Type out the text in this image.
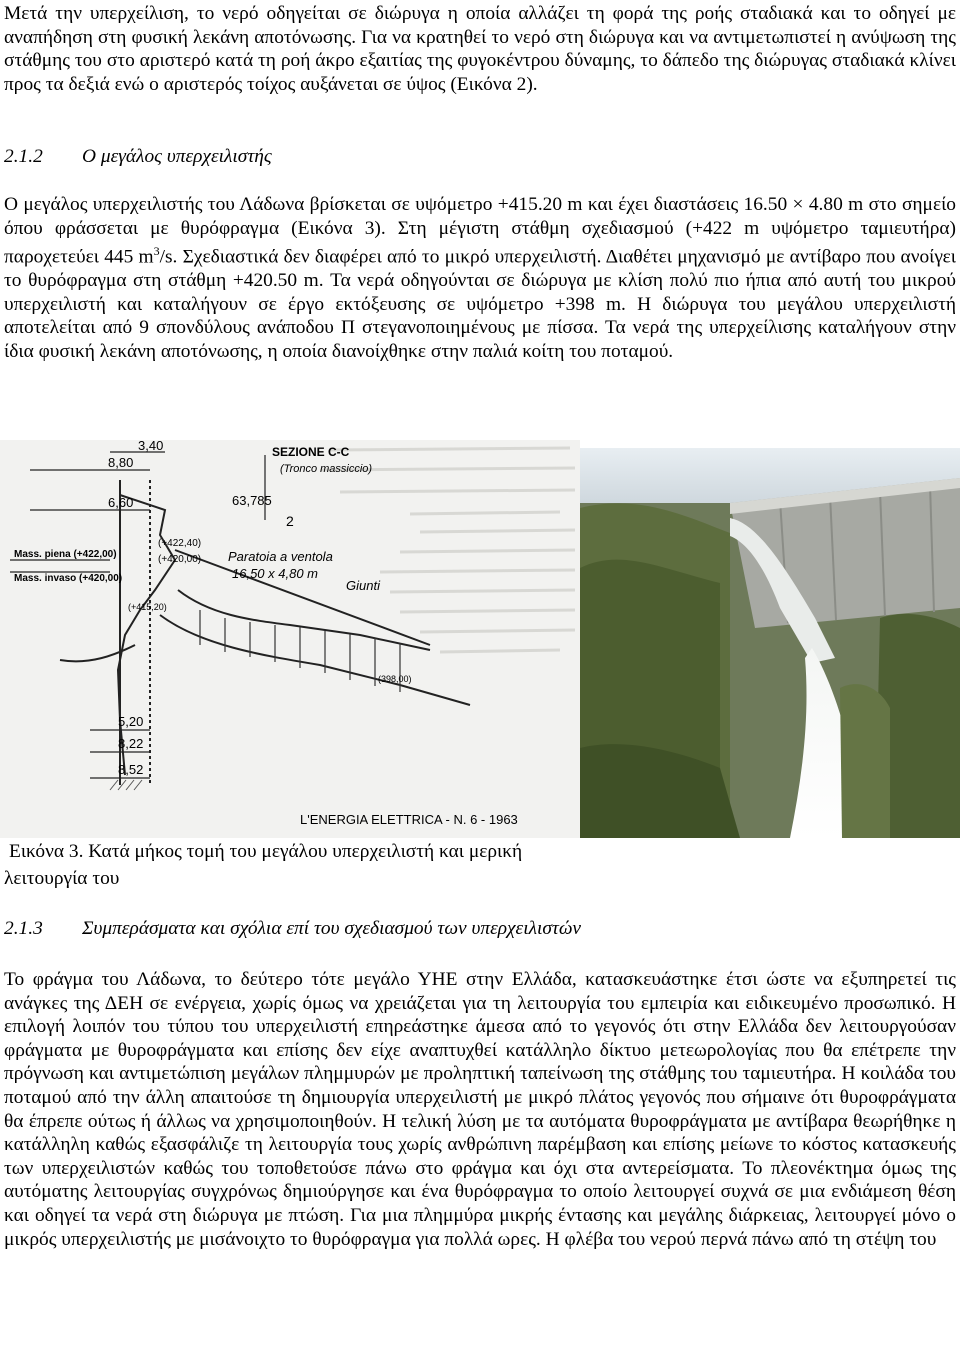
Μετά την υπερχείλιση, το νερό οδηγείται σε διώρυγα η οποία αλλάζει τη φορά της ροής σταδιακά και το οδηγεί με αναπήδηση στη φυσική λεκάνη αποτόνωσης. Για να κρατηθεί το νερό στη διώρυγα και να αντιμετωπιστεί η ανύψωση της στάθμης του στο αριστερό κατά τη ροή άκρο εξαιτίας της φυγοκέντρου δύναμης, το δάπεδο της διώρυγας σταδιακά κλίνει προς τα δεξιά ενώ ο αριστερός τοίχος αυξάνεται σε ύψος (Εικόνα 2).

2.1.2 Ο μεγάλος υπερχειλιστής

Ο μεγάλος υπερχειλιστής του Λάδωνα βρίσκεται σε υψόμετρο +415.20 m και έχει διαστάσεις 16.50 × 4.80 m στο σημείο όπου φράσσεται με θυρόφραγμα (Εικόνα 3). Στη μέγιστη στάθμη σχεδιασμού (+422 m υψόμετρο ταμιευτήρα) παροχετεύει 445 $m^3/s$. Σχεδιαστικά δεν διαφέρει από το μικρό υπερχειλιστή. Διαθέτει μηχανισμό με αντίβαρο που ανοίγει το θυρόφραγμα στη στάθμη +420.50 m. Τα νερά οδηγούνται σε διώρυγα με κλίση πολύ πιο ήπια από αυτή του μικρού υπερχειλιστή και καταλήγουν σε έργο εκτόξευσης σε υψόμετρο +398 m. Η διώρυγα του μεγάλου υπερχειλιστή αποτελείται από 9 σπονδύλους ανάποδου Π στεγανοποιημένους με πίσσα. Τα νερά της υπερχείλισης καταλήγουν στην ίδια φυσική λεκάνη αποτόνωσης, η οποία διανοίχθηκε στην παλιά κοίτη του ποταμού.

3,40
8,80
6,60
SEZIONE C-C
(Tronco massiccio)
63,785
2
Mass. piena (+422,00)
Mass. invaso (+420,00)
(+422,40)
(+420,00)
(+415,20)
Paratoia a ventola
16,50 x 4,80 m
Giunti
5,20
8,22
8,52
(398,00)
L'ENERGIA ELETTRICA - N. 6 - 1963

Εικόνα 3. Κατά μήκος τομή του μεγάλου υπερχειλιστή και μερική
λειτουργία του

2.1.3 Συμπεράσματα και σχόλια επί του σχεδιασμού των υπερχειλιστών

Το φράγμα του Λάδωνα, το δεύτερο τότε μεγάλο ΥΗΕ στην Ελλάδα, κατασκευάστηκε έτσι ώστε να εξυπηρετεί τις ανάγκες της ΔΕΗ σε ενέργεια, χωρίς όμως να χρειάζεται για τη λειτουργία του εμπειρία και ειδικευμένο προσωπικό. Η επιλογή λοιπόν του τύπου του υπερχειλιστή επηρεάστηκε άμεσα από το γεγονός ότι στην Ελλάδα δεν λειτουργούσαν φράγματα με θυροφράγματα και επίσης δεν είχε αναπτυχθεί κατάλληλο δίκτυο μετεωρολογίας που θα επέτρεπε την πρόγνωση και αντιμετώπιση μεγάλων πλημμυρών με προληπτική ταπείνωση της στάθμης του ταμιευτήρα. Η κοιλάδα του ποταμού από την άλλη απαιτούσε τη δημιουργία υπερχειλιστή με μικρό πλάτος γεγονός που σήμαινε ότι θυροφράγματα θα έπρεπε ούτως ή άλλως να χρησιμοποιηθούν. Η τελική λύση με τα αυτόματα θυροφράγματα με αντίβαρα θεωρήθηκε η κατάλληλη καθώς εξασφάλιζε τη λειτουργία τους χωρίς ανθρώπινη παρέμβαση και επίσης μείωνε το κόστος κατασκευής των υπερχειλιστών καθώς του τοποθετούσε πάνω στο φράγμα και όχι στα αντερείσματα. Το πλεονέκτημα όμως της αυτόματης λειτουργίας συγχρόνως δημιούργησε και ένα θυρόφραγμα το οποίο λειτουργεί συχνά σε μια ενδιάμεση θέση και οδηγεί τα νερά στη διώρυγα με πτώση. Για μια πλημμύρα μικρής έντασης και μεγάλης διάρκειας, λειτουργεί μόνο ο μικρός υπερχειλιστής με μισάνοιχτο το θυρόφραγμα για πολλά ωρες. Η φλέβα του νερού περνά πάνω από τη στέψη του
